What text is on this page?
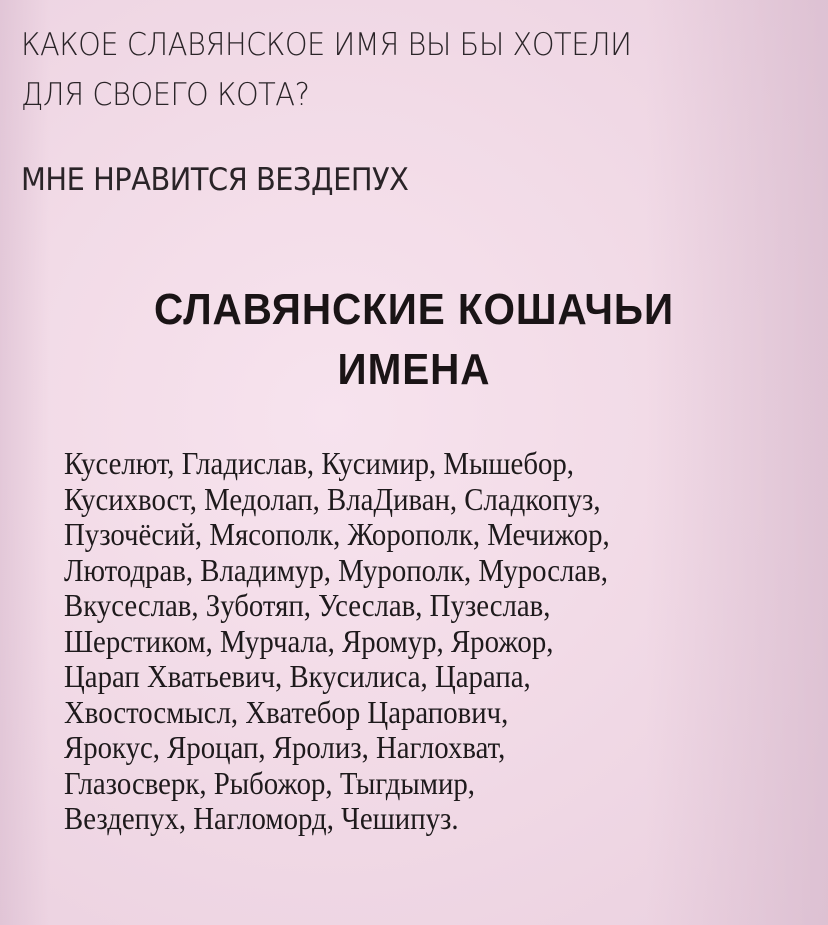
КАКОЕ СЛАВЯНСКОЕ ИМЯ ВЫ БЫ ХОТЕЛИ
ДЛЯ СВОЕГО КОТА?
МНЕ НРАВИТСЯ ВЕЗДЕПУХ
СЛАВЯНСКИЕ КОШАЧЬИ
ИМЕНА
Куселют, Гладислав, Кусимир, Мышебор,
Кусихвост, Медолап, ВлаДиван, Сладкопуз,
Пузочёсий, Мясополк, Жорополк, Мечижор,
Лютодрав, Владимур, Мурополк, Мурослав,
Вкусеслав, Зуботяп, Усеслав, Пузеслав,
Шерстиком, Мурчала, Яромур, Ярожор,
Царап Хватьевич, Вкусилиса, Царапа,
Хвостосмысл, Хватебор Царапович,
Ярокус, Яроцап, Яролиз, Наглохват,
Глазосверк, Рыбожор, Тыгдымир,
Вездепух, Нагломорд, Чешипуз.
